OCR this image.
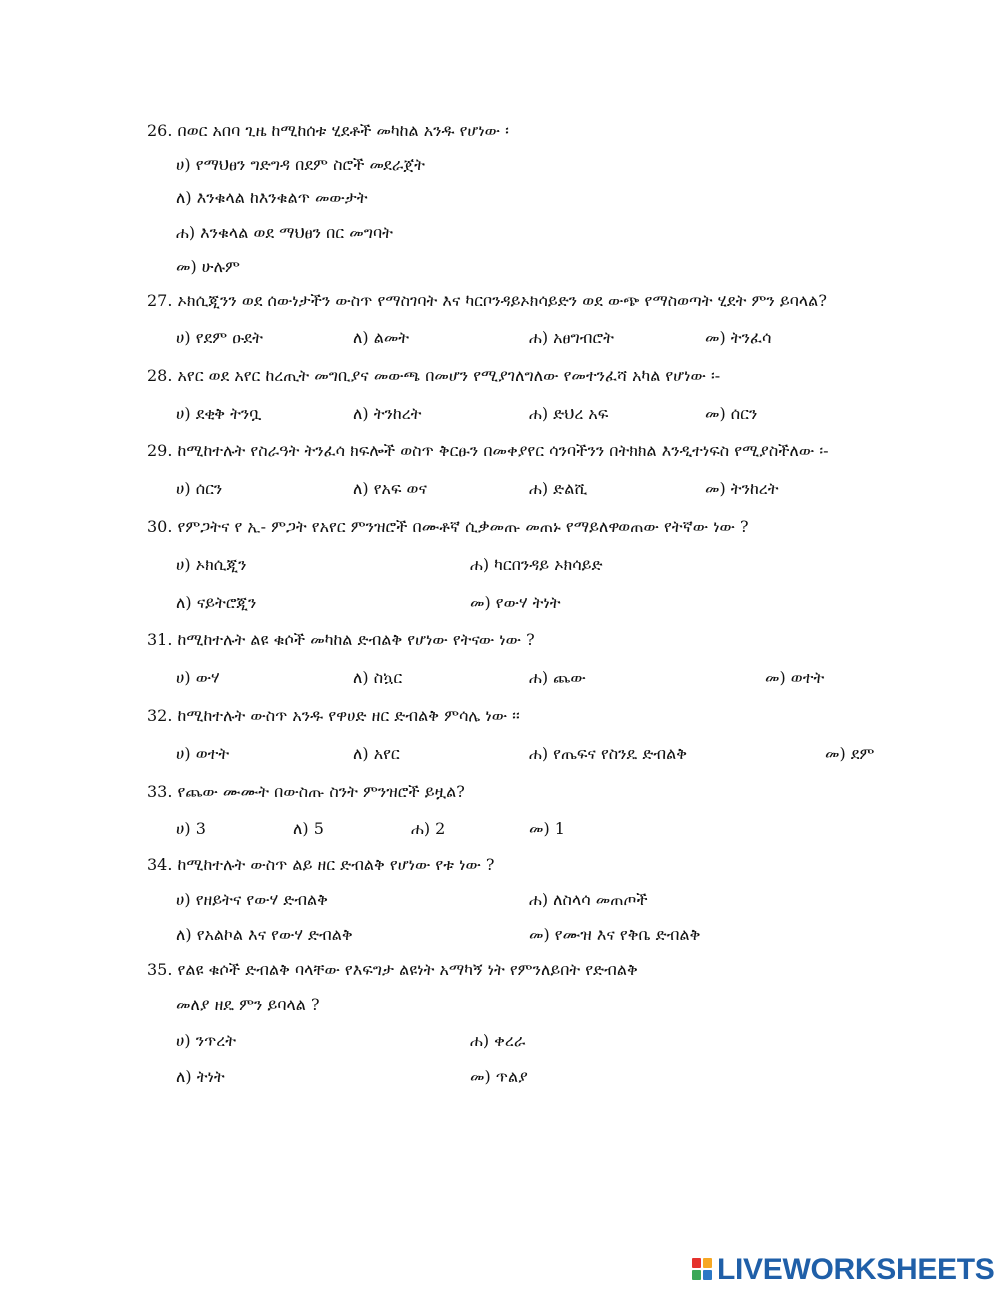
26. በወር አበባ ጊዜ ከሚከሰቱ ሂደቶች መካከል አንዱ የሆነው ፡
ሀ) የማህፀን ግድግዳ በደም ስሮች መደራጀት
ለ) እንቁላል ከእንቁልጥ መውታት
ሐ) እንቁላል ወደ ማህፀን በር መግባት
መ) ሁሉም
27. ኦክሲጂንን ወደ ሰውነታችን ውስጥ የማስገባት እና ካርቦንዳይኦክሳይድን ወደ ውጭ የማስወጣት ሂደት ምን ይባላል?
ሀ) የደም ዑደት	ለ) ልመት	ሐ) አፀግብሮት	መ) ትንፈሳ
28. አየር ወደ አየር ከረጢት መግቢያና መውጫ በመሆን የሚያገለግለው የመተንፈሻ አካል የሆነው ፡-
ሀ) ደቂቅ ትንቧ	ለ) ትንከረት	ሐ) ድህረ አፍ	መ) ሰርን
29. ከሚከተሉት የስራዓት ትንፈሳ ክፍሎች ወስጥ ቅርፁን በመቀያየር ሳንባችንን በትክክል እንዲተነፍስ የሚያስችለው ፡-
ሀ) ሰርን	ለ) የአፍ ወና	ሐ) ድልሺ	መ) ትንከረት
30. የምጋትና የ ኢ- ምጋት የአየር ምንዝሮች በሙቶኛ ሲቃመጡ መጠኑ የማይለዋወጠው የትኛው ነው ?
ሀ) ኦክሲጂን	ሐ) ካርበንዳይ ኦክሳይድ
ለ) ናይትሮጂን	መ) የውሃ ትነት
31. ከሚከተሉት ልዩ ቁሶች መካከል ድብልቅ የሆነው የትናው ነው ?
ሀ) ውሃ	ለ) ስኳር	ሐ) ጨው	መ) ወተት
32. ከሚከተሉት ውስጥ አንዱ የዋሀድ ዘር ድብልቅ ምሳሌ ነው ፡፡
ሀ) ወተት	ለ) አየር	ሐ) የጤፍና የስንዴ ድብልቅ	መ) ደም
33. የጨው ሙሙት በውስጡ ስንት ምንዝሮች ይዟል?
ሀ) 3	ለ) 5	ሐ) 2	መ) 1
34. ከሚከተሉት ውስጥ ልይ ዘር ድብልቅ የሆነው የቱ ነው ?
ሀ) የዘይትና የውሃ ድብልቅ	ሐ) ለስላሳ መጠጦች
ለ) የአልኮል እና የውሃ ድብልቅ	መ) የሙዝ እና የቅቤ ድብልቅ
35. የልዩ ቁሶች ድብልቅ ባላቸው የእፍግታ ልዩነት አማካኝ ነት የምንለይበት የድብልቅ
መለያ ዘዴ ምን ይባላል ?
ሀ) ንጥረት	ሐ) ቀረራ
ለ) ትነት	መ) ጥልያ
LIVEWORKSHEETS
